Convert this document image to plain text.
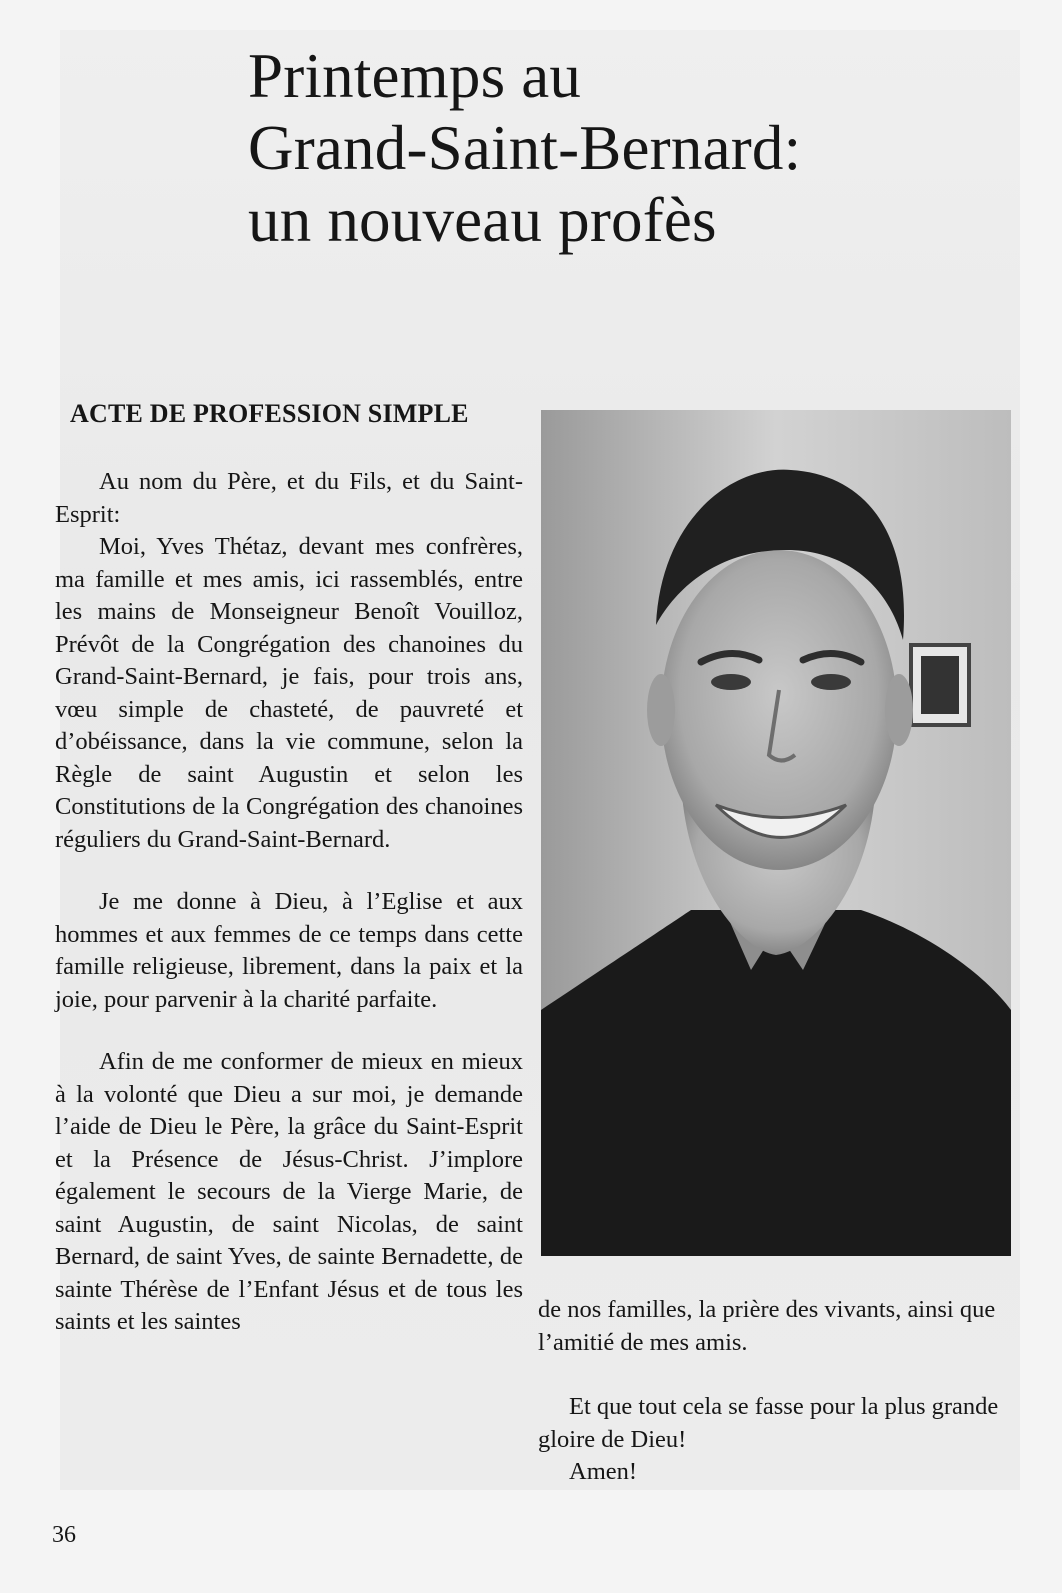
Printemps au
Grand-Saint-Bernard:
un nouveau profès
ACTE DE PROFESSION SIMPLE

Au nom du Père, et du Fils, et du Saint-Esprit:

Moi, Yves Thétaz, devant mes confrères, ma famille et mes amis, ici rassemblés, entre les mains de Monseigneur Benoît Vouilloz, Prévôt de la Congrégation des chanoines du Grand-Saint-Bernard, je fais, pour trois ans, vœu simple de chasteté, de pauvreté et d’obéissance, dans la vie commune, selon la Règle de saint Augustin et selon les Constitutions de la Congrégation des chanoines réguliers du Grand-Saint-Bernard.

Je me donne à Dieu, à l’Eglise et aux hommes et aux femmes de ce temps dans cette famille religieuse, librement, dans la paix et la joie, pour parvenir à la charité parfaite.

Afin de me conformer de mieux en mieux à la volonté que Dieu a sur moi, je demande l’aide de Dieu le Père, la grâce du Saint-Esprit et la Présence de Jésus-Christ. J’implore également le secours de la Vierge Marie, de saint Augustin, de saint Nicolas, de saint Bernard, de saint Yves, de sainte Bernadette, de sainte Thérèse de l’Enfant Jésus et de tous les saints et les saintes	de nos familles, la prière des vivants, ainsi que l’amitié de mes amis.

Et que tout cela se fasse pour la plus grande gloire de Dieu!

Amen!

36
